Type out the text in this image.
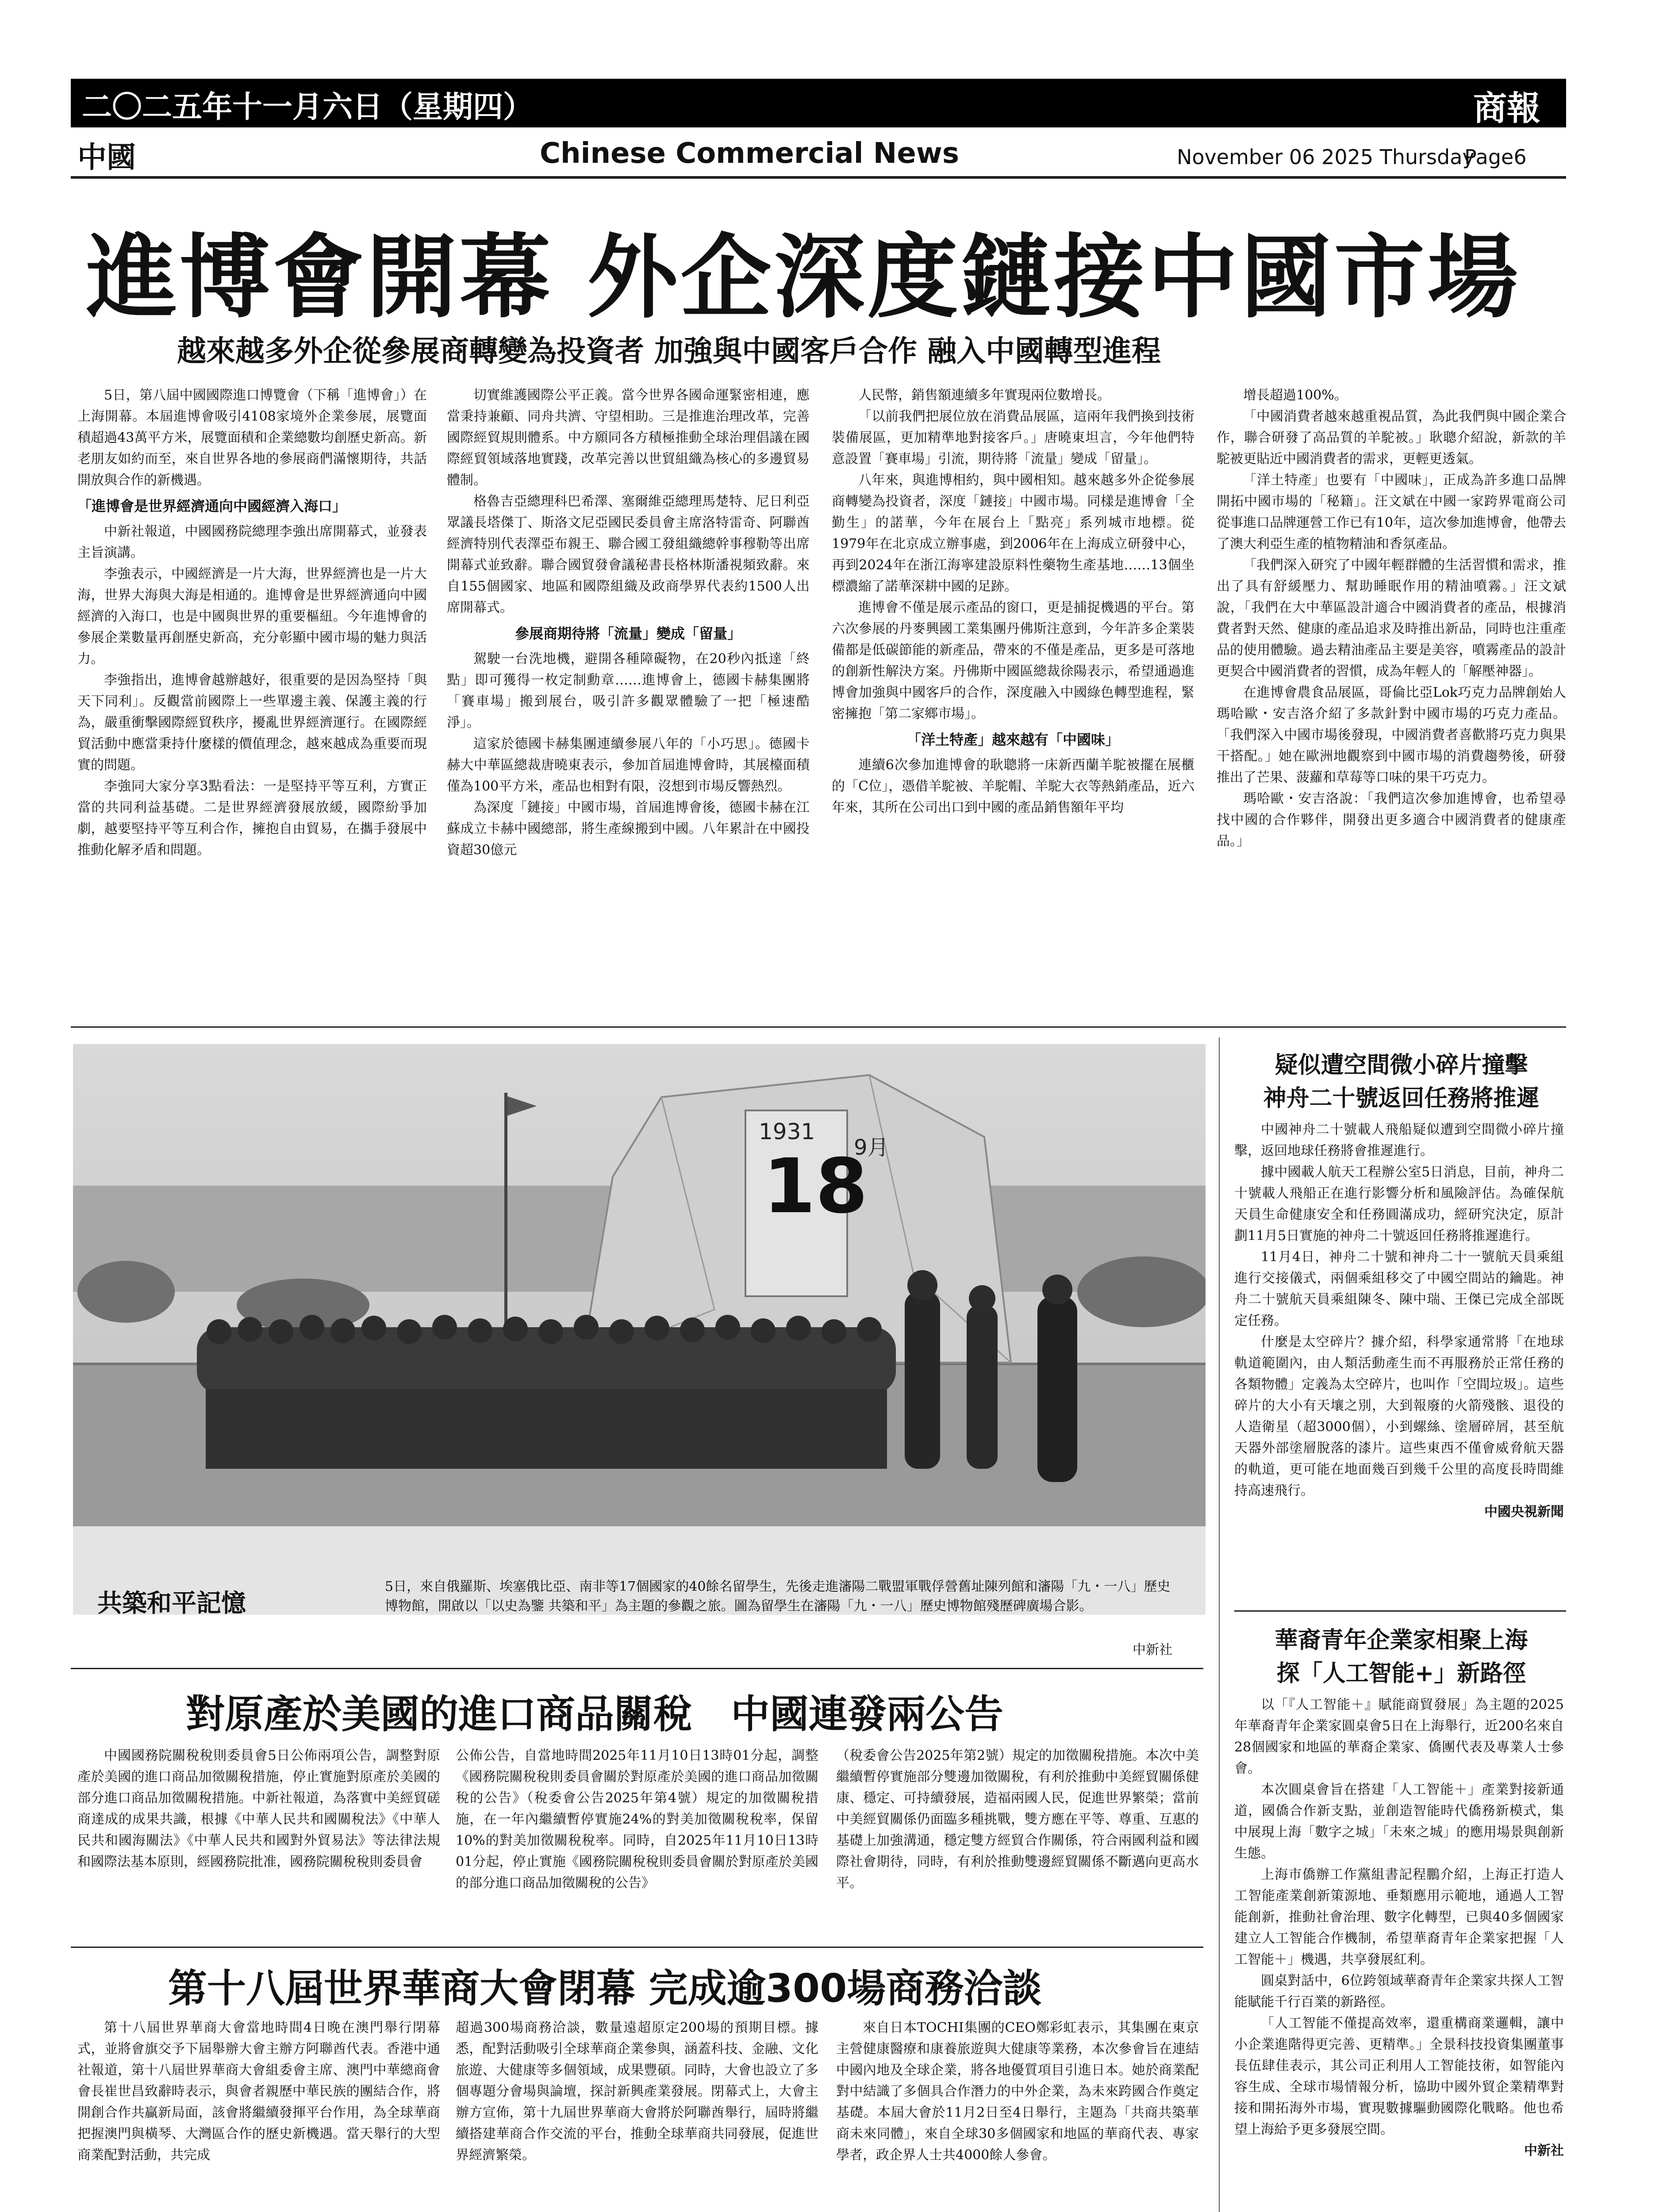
二〇二五年十一月六日（星期四）	商報
中國	Chinese Commercial News	November 06 2025 Thursday
Page6
進博會開幕 外企深度鏈接中國市場
越來越多外企從參展商轉變為投資者 加強與中國客戶合作 融入中國轉型進程

5日，第八屆中國國際進口博覽會（下稱「進博會」）在上海開幕。本屆進博會吸引4108家境外企業參展，展覽面積超過43萬平方米，展覽面積和企業總數均創歷史新高。新老朋友如約而至，來自世界各地的參展商們滿懷期待，共話開放與合作的新機遇。

「進博會是世界經濟通向中國經濟入海口」

中新社報道，中國國務院總理李強出席開幕式，並發表主旨演講。

李強表示，中國經濟是一片大海，世界經濟也是一片大海，世界大海與大海是相通的。進博會是世界經濟通向中國經濟的入海口，也是中國與世界的重要樞紐。今年進博會的參展企業數量再創歷史新高，充分彰顯中國市場的魅力與活力。

李強指出，進博會越辦越好，很重要的是因為堅持「與天下同利」。反觀當前國際上一些單邊主義、保護主義的行為，嚴重衝擊國際經貿秩序，擾亂世界經濟運行。在國際經貿活動中應當秉持什麼樣的價值理念，越來越成為重要而現實的問題。

李強同大家分享3點看法：一是堅持平等互利，方實正當的共同利益基礎。二是世界經濟發展放緩，國際紛爭加劇，越要堅持平等互利合作，擁抱自由貿易，在攜手發展中推動化解矛盾和問題。

切實維護國際公平正義。當今世界各國命運緊密相連，應當秉持兼顧、同舟共濟、守望相助。三是推進治理改革，完善國際經貿規則體系。中方願同各方積極推動全球治理倡議在國際經貿領域落地實踐，改革完善以世貿組織為核心的多邊貿易體制。

格魯吉亞總理科巴希澤、塞爾維亞總理馬楚特、尼日利亞眾議長塔傑丁、斯洛文尼亞國民委員會主席洛特雷奇、阿聯酋經濟特別代表澤亞布親王、聯合國工發組織總幹事穆勒等出席開幕式並致辭。聯合國貿發會議秘書長格林斯潘視頻致辭。來自155個國家、地區和國際組織及政商學界代表約1500人出席開幕式。

參展商期待將「流量」變成「留量」

駕駛一台洗地機，避開各種障礙物，在20秒內抵達「終點」即可獲得一枚定制勳章……進博會上，德國卡赫集團將「賽車場」搬到展台，吸引許多觀眾體驗了一把「極速酷淨」。

這家於德國卡赫集團連續參展八年的「小巧思」。德國卡赫大中華區總裁唐曉東表示，參加首屆進博會時，其展檯面積僅為100平方米，產品也相對有限，沒想到市場反響熱烈。

為深度「鏈接」中國市場，首屆進博會後，德國卡赫在江蘇成立卡赫中國總部，將生產線搬到中國。八年累計在中國投資超30億元

人民幣，銷售額連續多年實現兩位數增長。

「以前我們把展位放在消費品展區，這兩年我們換到技術裝備展區，更加精準地對接客戶。」唐曉東坦言，今年他們特意設置「賽車場」引流，期待將「流量」變成「留量」。

八年來，與進博相約，與中國相知。越來越多外企從參展商轉變為投資者，深度「鏈接」中國市場。同樣是進博會「全勤生」的諾華，今年在展台上「點亮」系列城市地標。從1979年在北京成立辦事處，到2006年在上海成立研發中心，再到2024年在浙江海寧建設原料性藥物生產基地……13個坐標濃縮了諾華深耕中國的足跡。

進博會不僅是展示產品的窗口，更是捕捉機遇的平台。第六次參展的丹麥興國工業集團丹佛斯注意到，今年許多企業裝備都是低碳節能的新產品，帶來的不僅是產品，更多是可落地的創新性解決方案。丹佛斯中國區總裁徐陽表示，希望通過進博會加強與中國客戶的合作，深度融入中國綠色轉型進程，緊密擁抱「第二家鄉市場」。

「洋土特產」越來越有「中國味」

連續6次參加進博會的耿聰將一床新西蘭羊駝被擺在展櫃的「C位」，憑借羊駝被、羊駝帽、羊駝大衣等熱銷產品，近六年來，其所在公司出口到中國的產品銷售額年平均

增長超過100%。

「中國消費者越來越重視品質，為此我們與中國企業合作，聯合研發了高品質的羊駝被。」耿聰介紹說，新款的羊駝被更貼近中國消費者的需求，更輕更透氣。

「洋土特產」也要有「中國味」，正成為許多進口品牌開拓中國市場的「秘籍」。汪文斌在中國一家跨界電商公司從事進口品牌運營工作已有10年，這次參加進博會，他帶去了澳大利亞生產的植物精油和香氛產品。

「我們深入研究了中國年輕群體的生活習慣和需求，推出了具有舒緩壓力、幫助睡眠作用的精油噴霧。」汪文斌說，「我們在大中華區設計適合中國消費者的產品，根據消費者對天然、健康的產品追求及時推出新品，同時也注重產品的使用體驗。過去精油產品主要是美容，噴霧產品的設計更契合中國消費者的習慣，成為年輕人的「解壓神器」。

在進博會農食品展區，哥倫比亞Lok巧克力品牌創始人瑪哈歐・安吉洛介紹了多款針對中國市場的巧克力產品。「我們深入中國市場後發現，中國消費者喜歡將巧克力與果干搭配。」她在歐洲地觀察到中國市場的消費趨勢後，研發推出了芒果、菠蘿和草莓等口味的果干巧克力。

瑪哈歐・安吉洛說：「我們這次參加進博會，也希望尋找中國的合作夥伴，開發出更多適合中國消費者的健康產品。」

1931
18
9月
共築和平記憶
5日，來自俄羅斯、埃塞俄比亞、南非等17個國家的40餘名留學生，先後走進瀋陽二戰盟軍戰俘營舊址陳列館和瀋陽「九・一八」歷史博物館，開啟以「以史為鑒 共築和平」為主題的參觀之旅。圖為留學生在瀋陽「九・一八」歷史博物館殘歷碑廣場合影。
中新社
對原產於美國的進口商品關稅　中國連發兩公告

中國國務院關稅稅則委員會5日公佈兩項公告，調整對原產於美國的進口商品加徵關稅措施，停止實施對原產於美國的部分進口商品加徵關稅措施。中新社報道，為落實中美經貿磋商達成的成果共識，根據《中華人民共和國關稅法》《中華人民共和國海關法》《中華人民共和國對外貿易法》等法律法規和國際法基本原則，經國務院批准，國務院關稅稅則委員會

公佈公告，自當地時間2025年11月10日13時01分起，調整《國務院關稅稅則委員會關於對原產於美國的進口商品加徵關稅的公告》（稅委會公告2025年第4號）規定的加徵關稅措施，在一年內繼續暫停實施24%的對美加徵關稅稅率，保留10%的對美加徵關稅稅率。同時，自2025年11月10日13時01分起，停止實施《國務院關稅稅則委員會關於對原產於美國的部分進口商品加徵關稅的公告》

（稅委會公告2025年第2號）規定的加徵關稅措施。本次中美繼續暫停實施部分雙邊加徵關稅，有利於推動中美經貿關係健康、穩定、可持續發展，造福兩國人民，促進世界繁榮；當前中美經貿關係仍面臨多種挑戰，雙方應在平等、尊重、互惠的基礎上加強溝通，穩定雙方經貿合作關係，符合兩國利益和國際社會期待，同時，有利於推動雙邊經貿關係不斷邁向更高水平。

第十八屆世界華商大會閉幕 完成逾300場商務洽談

第十八屆世界華商大會當地時間4日晚在澳門舉行閉幕式，並將會旗交予下屆舉辦大會主辦方阿聯酋代表。香港中通社報道，第十八屆世界華商大會組委會主席、澳門中華總商會會長崔世昌致辭時表示，與會者親歷中華民族的團結合作，將開創合作共贏新局面，該會將繼續發揮平台作用，為全球華商把握澳門與橫琴、大灣區合作的歷史新機遇。當天舉行的大型商業配對活動，共完成

超過300場商務洽談，數量遠超原定200場的預期目標。據悉，配對活動吸引全球華商企業參與，涵蓋科技、金融、文化旅遊、大健康等多個領域，成果豐碩。同時，大會也設立了多個專題分會場與論壇，探討新興產業發展。閉幕式上，大會主辦方宣佈，第十九屆世界華商大會將於阿聯酋舉行，屆時將繼續搭建華商合作交流的平台，推動全球華商共同發展，促進世界經濟繁榮。

來自日本TOCHI集團的CEO鄭彩虹表示，其集團在東京主營健康醫療和康養旅遊與大健康等業務，本次參會旨在連結中國內地及全球企業，將各地優質項目引進日本。她於商業配對中結識了多個具合作潛力的中外企業，為未來跨國合作奠定基礎。本屆大會於11月2日至4日舉行，主題為「共商共築華商未來同體」，來自全球30多個國家和地區的華商代表、專家學者，政企界人士共4000餘人參會。

疑似遭空間微小碎片撞擊
神舟二十號返回任務將推遲

中國神舟二十號載人飛船疑似遭到空間微小碎片撞擊，返回地球任務將會推遲進行。

據中國載人航天工程辦公室5日消息，目前，神舟二十號載人飛船正在進行影響分析和風險評估。為確保航天員生命健康安全和任務圓滿成功，經研究決定，原計劃11月5日實施的神舟二十號返回任務將推遲進行。

11月4日，神舟二十號和神舟二十一號航天員乘組進行交接儀式，兩個乘組移交了中國空間站的鑰匙。神舟二十號航天員乘組陳冬、陳中瑞、王傑已完成全部既定任務。

什麼是太空碎片？據介紹，科學家通常將「在地球軌道範圍內，由人類活動產生而不再服務於正常任務的各類物體」定義為太空碎片，也叫作「空間垃圾」。這些碎片的大小有天壤之別，大到報廢的火箭殘骸、退役的人造衛星（超3000個），小到螺絲、塗層碎屑，甚至航天器外部塗層脫落的漆片。這些東西不僅會威脅航天器的軌道，更可能在地面幾百到幾千公里的高度長時間維持高速飛行。

中國央視新聞
華裔青年企業家相聚上海
探「人工智能+」新路徑

以「『人工智能＋』賦能商貿發展」為主題的2025年華裔青年企業家圓桌會5日在上海舉行，近200名來自28個國家和地區的華裔企業家、僑團代表及專業人士參會。

本次圓桌會旨在搭建「人工智能＋」產業對接新通道，國僑合作新支點，並創造智能時代僑務新模式，集中展現上海「數字之城」「未來之城」的應用場景與創新生態。

上海市僑辦工作黨組書記程鵬介紹，上海正打造人工智能產業創新策源地、垂類應用示範地，通過人工智能創新，推動社會治理、數字化轉型，已與40多個國家建立人工智能合作機制，希望華裔青年企業家把握「人工智能＋」機遇，共享發展紅利。

圓桌對話中，6位跨領域華裔青年企業家共探人工智能賦能千行百業的新路徑。

「人工智能不僅提高效率，還重構商業邏輯，讓中小企業進階得更完善、更精準。」全景科技投資集團董事長伍肆佳表示，其公司正利用人工智能技術，如智能內容生成、全球市場情報分析，協助中國外貿企業精準對接和開拓海外市場，實現數據驅動國際化戰略。他也希望上海給予更多發展空間。

中新社
